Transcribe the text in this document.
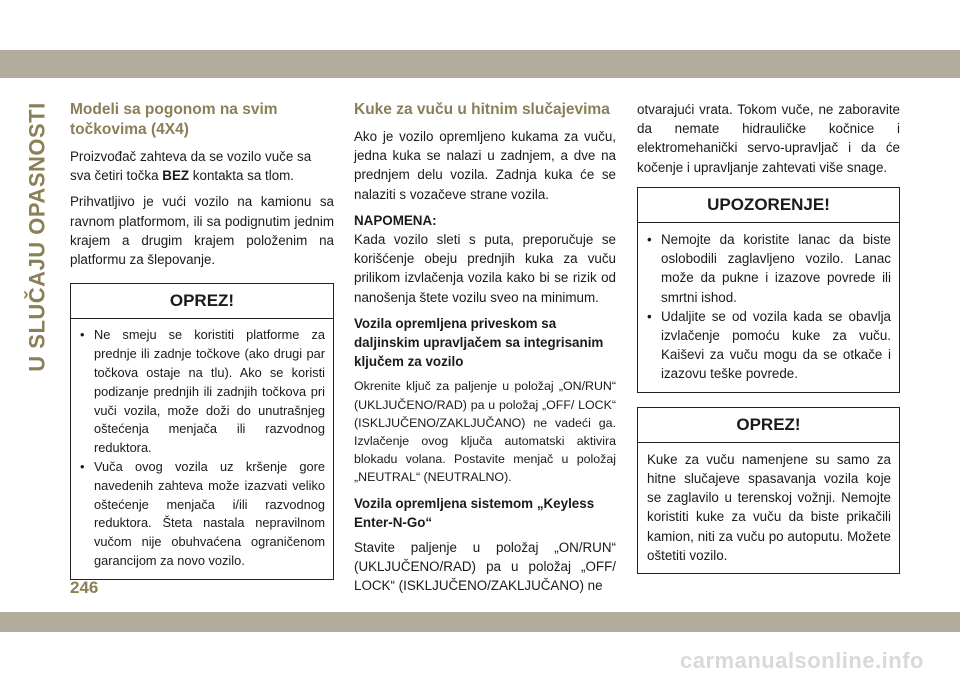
U SLUČAJU OPASNOSTI Modeli sa pogonom na svim točkovima (4X4)

Proizvođač zahteva da se vozilo vuče sa sva četiri točka BEZ kontakta sa tlom.

Prihvatljivo je vući vozilo na kamionu sa ravnom platformom, ili sa podignutim jednim krajem a drugim krajem položenim na platformu za šlepovanje.

OPREZ!
• Ne smeju se koristiti platforme za prednje ili zadnje točkove (ako drugi par točkova ostaje na tlu). Ako se koristi podizanje prednjih ili zadnjih točkova pri vuči vozila, može doži do unutrašnjeg oštećenja menjača ili razvodnog reduktora.
• Vuča ovog vozila uz kršenje gore navedenih zahteva može izazvati veliko oštećenje menjača i/ili razvodnog reduktora. Šteta nastala nepravilnom vučom nije obuhvaćena ograničenom garancijom za novo vozilo.
Kuke za vuču u hitnim slučajevima

Ako je vozilo opremljeno kukama za vuču, jedna kuka se nalazi u zadnjem, a dve na prednjem delu vozila. Zadnja kuka će se nalaziti s vozačeve strane vozila.

NAPOMENA:

Kada vozilo sleti s puta, preporučuje se korišćenje obeju prednjih kuka za vuču prilikom izvlačenja vozila kako bi se rizik od nanošenja štete vozilu sveo na minimum.

Vozila opremljena priveskom sa daljinskim upravljačem sa integrisanim ključem za vozilo

Okrenite ključ za paljenje u položaj „ON/RUN“ (UKLJUČENO/RAD) pa u položaj „OFF/ LOCK“ (ISKLJUČENO/ZAKLJUČANO) ne vadeći ga. Izvlačenje ovog ključa automatski aktivira blokadu volana. Postavite menjač u položaj „NEUTRAL“ (NEUTRALNO).

Vozila opremljena sistemom „Keyless Enter-N-Go“

Stavite paljenje u položaj „ON/RUN“ (UKLJUČENO/RAD) pa u položaj „OFF/ LOCK“ (ISKLJUČENO/ZAKLJUČANO) ne

otvarajući vrata. Tokom vuče, ne zaboravite da nemate hidrauličke kočnice i elektromehanički servo-upravljač i da će kočenje i upravljanje zahtevati više snage.

UPOZORENJE!
• Nemojte da koristite lanac da biste oslobodili zaglavljeno vozilo. Lanac može da pukne i izazove povrede ili smrtni ishod.
• Udaljite se od vozila kada se obavlja izvlačenje pomoću kuke za vuču. Kaiševi za vuču mogu da se otkače i izazovu teške povrede.
OPREZ!
Kuke za vuču namenjene su samo za hitne slučajeve spasavanja vozila koje se zaglavilo u terenskoj vožnji. Nemojte koristiti kuke za vuču da biste prikačili kamion, niti za vuču po autoputu. Možete oštetiti vozilo.
246
carmanualsonline.info
